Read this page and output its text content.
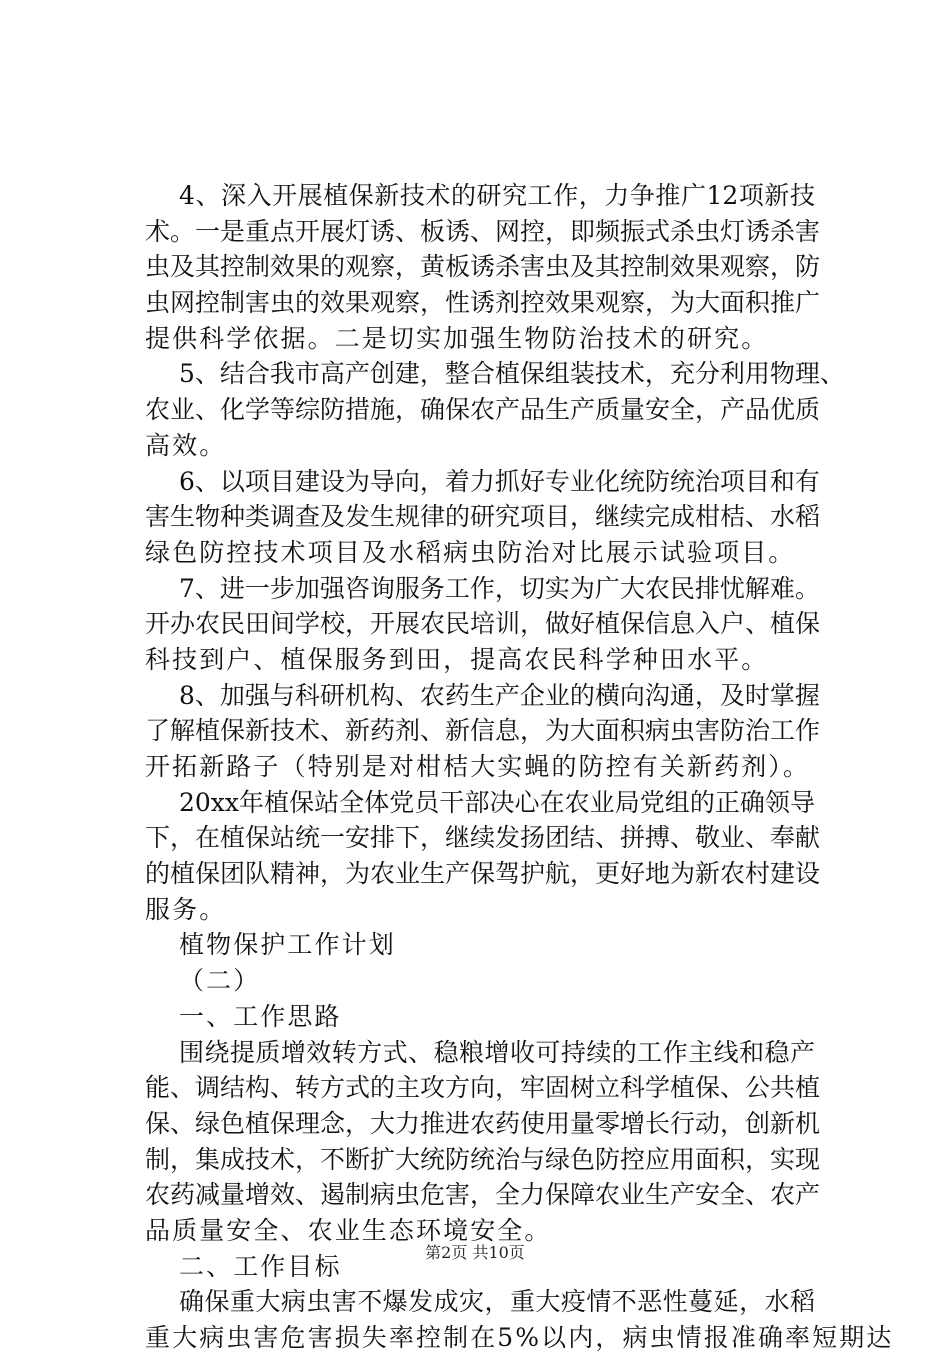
4、深入开展植保新技术的研究工作，力争推广12项新技
术。一是重点开展灯诱、板诱、网控，即频振式杀虫灯诱杀害
虫及其控制效果的观察，黄板诱杀害虫及其控制效果观察，防
虫网控制害虫的效果观察，性诱剂控效果观察，为大面积推广
提供科学依据。二是切实加强生物防治技术的研究。
5、结合我市高产创建，整合植保组装技术，充分利用物理、
农业、化学等综防措施，确保农产品生产质量安全，产品优质
高效。
6、以项目建设为导向，着力抓好专业化统防统治项目和有
害生物种类调查及发生规律的研究项目，继续完成柑桔、水稻
绿色防控技术项目及水稻病虫防治对比展示试验项目。
7、进一步加强咨询服务工作，切实为广大农民排忧解难。
开办农民田间学校，开展农民培训，做好植保信息入户、植保
科技到户、植保服务到田，提高农民科学种田水平。
8、加强与科研机构、农药生产企业的横向沟通，及时掌握
了解植保新技术、新药剂、新信息，为大面积病虫害防治工作
开拓新路子（特别是对柑桔大实蝇的防控有关新药剂）。
20xx年植保站全体党员干部决心在农业局党组的正确领导
下，在植保站统一安排下，继续发扬团结、拼搏、敬业、奉献
的植保团队精神，为农业生产保驾护航，更好地为新农村建设
服务。
植物保护工作计划
（二）
一、工作思路
围绕提质增效转方式、稳粮增收可持续的工作主线和稳产
能、调结构、转方式的主攻方向，牢固树立科学植保、公共植
保、绿色植保理念，大力推进农药使用量零增长行动，创新机
制，集成技术，不断扩大统防统治与绿色防控应用面积，实现
农药减量增效、遏制病虫危害，全力保障农业生产安全、农产
品质量安全、农业生态环境安全。
二、工作目标
确保重大病虫害不爆发成灾，重大疫情不恶性蔓延，水稻
重大病虫害危害损失率控制在5%以内，病虫情报准确率短期达
第2页 共10页
